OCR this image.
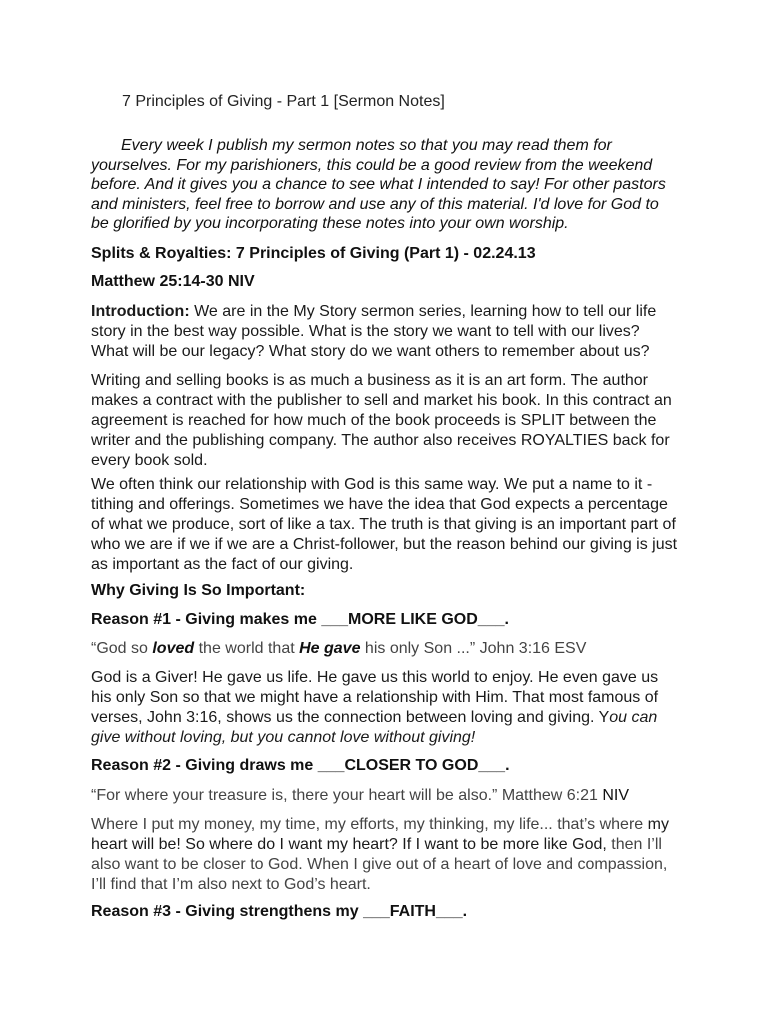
7 Principles of Giving - Part 1 [Sermon Notes]

Every week I publish my sermon notes so that you may read them for yourselves. For my parishioners, this could be a good review from the weekend before. And it gives you a chance to see what I intended to say! For other pastors and ministers, feel free to borrow and use any of this material. I'd love for God to be glorified by you incorporating these notes into your own worship.

Splits & Royalties: 7 Principles of Giving (Part 1) - 02.24.13

Matthew 25:14-30 NIV

Introduction: We are in the My Story sermon series, learning how to tell our life story in the best way possible. What is the story we want to tell with our lives? What will be our legacy? What story do we want others to remember about us?

Writing and selling books is as much a business as it is an art form. The author makes a contract with the publisher to sell and market his book. In this contract an agreement is reached for how much of the book proceeds is SPLIT between the writer and the publishing company. The author also receives ROYALTIES back for every book sold.

We often think our relationship with God is this same way. We put a name to it - tithing and offerings. Sometimes we have the idea that God expects a percentage of what we produce, sort of like a tax. The truth is that giving is an important part of who we are if we if we are a Christ-follower, but the reason behind our giving is just as important as the fact of our giving.

Why Giving Is So Important:

Reason #1 - Giving makes me ___MORE LIKE GOD___.

“God so loved the world that He gave his only Son ...” John 3:16 ESV

God is a Giver! He gave us life. He gave us this world to enjoy. He even gave us his only Son so that we might have a relationship with Him. That most famous of verses, John 3:16, shows us the connection between loving and giving. You can give without loving, but you cannot love without giving!

Reason #2 - Giving draws me ___CLOSER TO GOD___.

“For where your treasure is, there your heart will be also.” Matthew 6:21 NIV

Where I put my money, my time, my efforts, my thinking, my life... that’s where my heart will be! So where do I want my heart? If I want to be more like God, then I’ll also want to be closer to God. When I give out of a heart of love and compassion, I’ll find that I’m also next to God’s heart.

Reason #3 - Giving strengthens my ___FAITH___.
